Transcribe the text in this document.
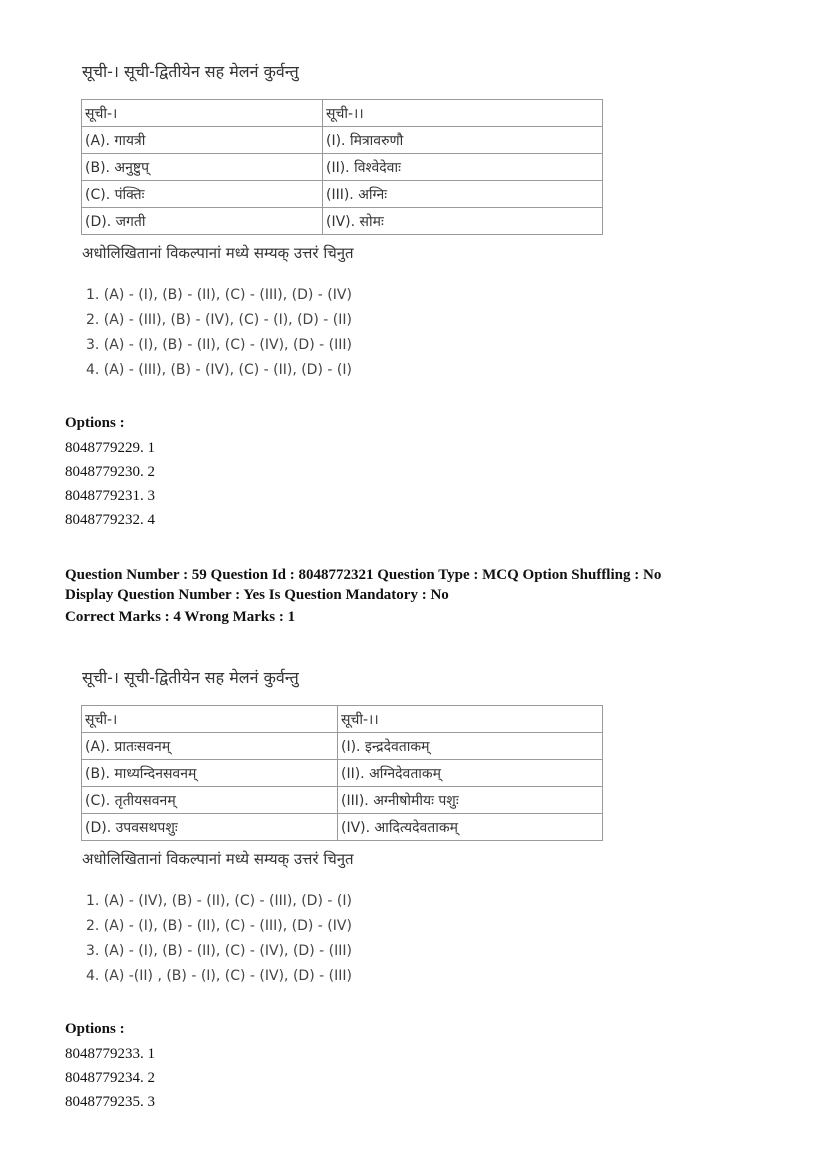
सूची-। सूची-द्वितीयेन सह मेलनं कुर्वन्तु
सूची-।	सूची-।।
(A). गायत्री	(I). मित्रावरुणौ
(B). अनुष्टुप्	(II). विश्वेदेवाः
(C). पंक्तिः	(III). अग्निः
(D). जगती	(IV). सोमः
अधोलिखितानां विकल्पानां मध्ये सम्यक् उत्तरं चिनुत
1. (A) - (I), (B) - (II), (C) - (III), (D) - (IV)
2. (A) - (III), (B) - (IV), (C) - (I), (D) - (II)
3. (A) - (I), (B) - (II), (C) - (IV), (D) - (III)
4. (A) - (III), (B) - (IV), (C) - (II), (D) - (I)
Options :
8048779229. 1
8048779230. 2
8048779231. 3
8048779232. 4
Question Number : 59 Question Id : 8048772321 Question Type : MCQ Option Shuffling : No
Display Question Number : Yes Is Question Mandatory : No
Correct Marks : 4 Wrong Marks : 1
सूची-। सूची-द्वितीयेन सह मेलनं कुर्वन्तु
सूची-।	सूची-।।
(A). प्रातःसवनम्	(I). इन्द्रदेवताकम्
(B). माध्यन्दिनसवनम्	(II). अग्निदेवताकम्
(C). तृतीयसवनम्	(III). अग्नीषोमीयः पशुः
(D). उपवसथपशुः	(IV). आदित्यदेवताकम्
अधोलिखितानां विकल्पानां मध्ये सम्यक् उत्तरं चिनुत
1. (A) - (IV), (B) - (II), (C) - (III), (D) - (I)
2. (A) - (I), (B) - (II), (C) - (III), (D) - (IV)
3. (A) - (I), (B) - (II), (C) - (IV), (D) - (III)
4. (A) -(II) , (B) - (I), (C) - (IV), (D) - (III)
Options :
8048779233. 1
8048779234. 2
8048779235. 3
